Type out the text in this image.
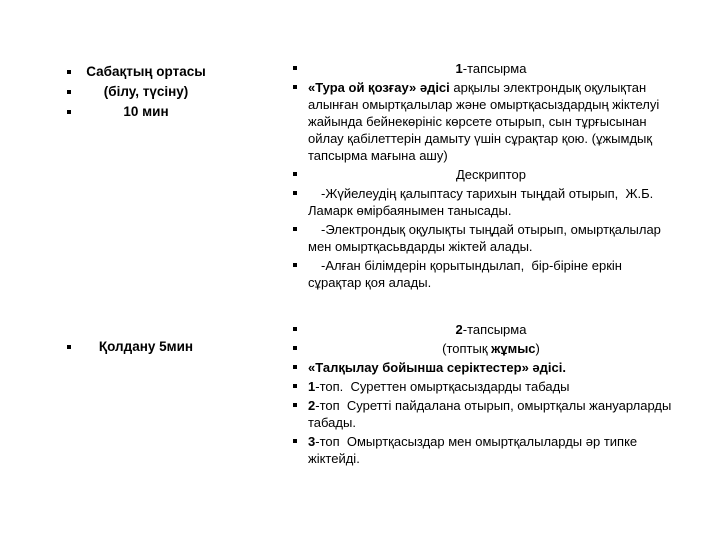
Сабақтың ортасы
(білу, түсіну)
10 мин
Қолдану 5мин
1-тапсырма
«Тура ой қозғау» әдісі арқылы электрондық оқулықтан алынған омыртқалылар және омыртқасыздардың жіктелуі жайында бейнекөрініс көрсете отырып, сын тұрғысынан ойлау қабілеттерін дамыту үшін сұрақтар қою. (ұжымдық тапсырма мағына ашу)
Дескриптор
-Жүйелеудің қалыптасу тарихын тыңдай отырып,  Ж.Б. Ламарк өмірбаянымен танысады.
-Электрондық оқулықты тыңдай отырып, омыртқалылар мен омыртқасьвдарды жіктей алады.
-Алған білімдерін қорытындылап,  бір-біріне еркін сұрақтар қоя алады.
2-тапсырма
(топтық жұмыс)
«Талқылау бойынша серіктестер» әдісі.
1-топ.  Суреттен омыртқасыздарды табады
2-топ  Суретті пайдалана отырып, омыртқалы жануарларды табады.
3-топ  Омыртқасыздар мен омыртқалыларды әр типке жіктейді.
